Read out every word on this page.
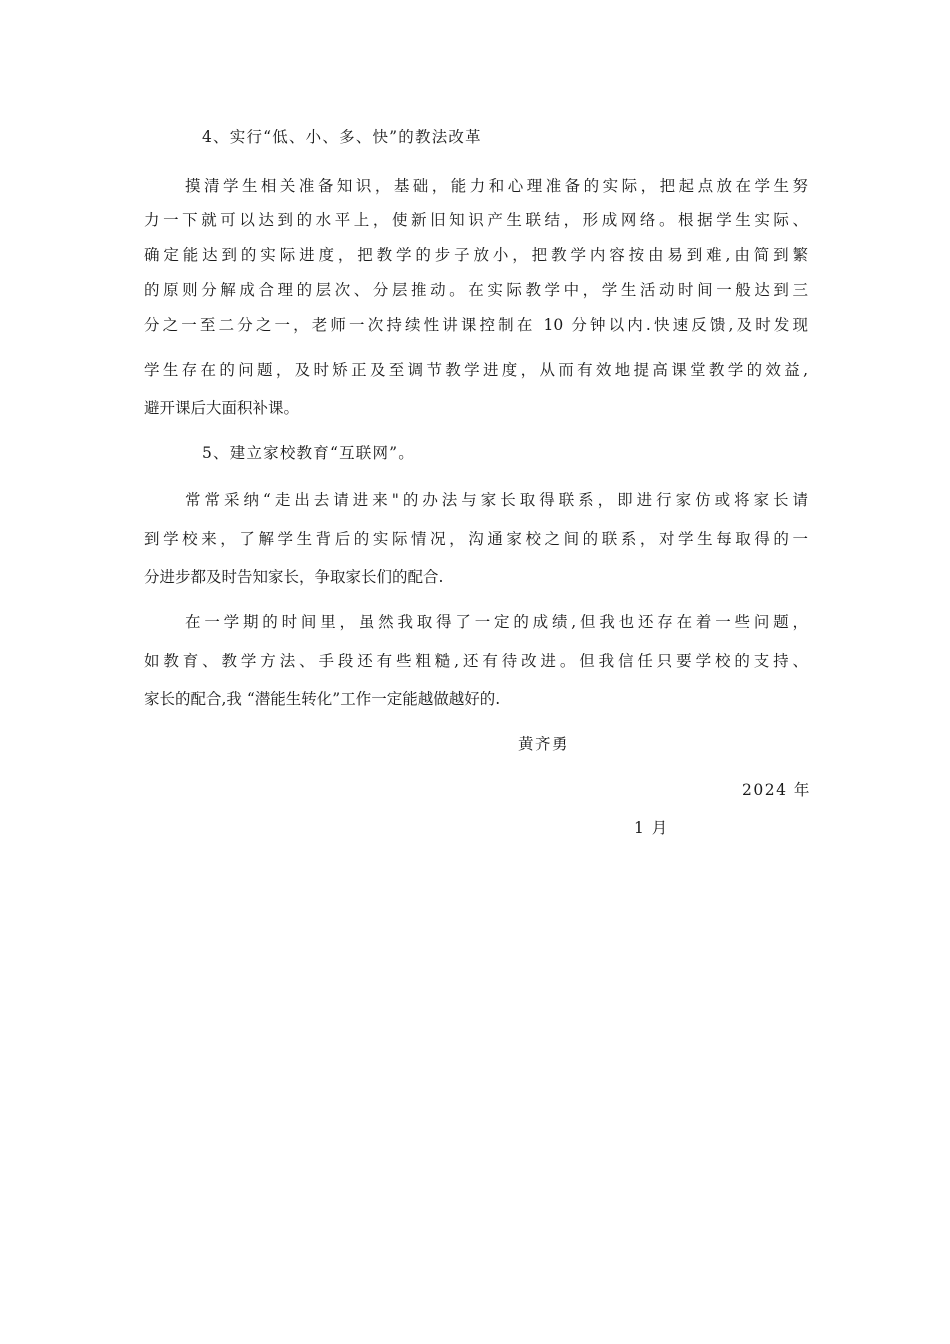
4、实行“低、小、多、快”的教法改革
摸清学生相关准备知识，基础，能力和心理准备的实际，把起点放在学生努
力一下就可以达到的水平上，使新旧知识产生联结，形成网络。根据学生实际、
确定能达到的实际进度，把教学的步子放小，把教学内容按由易到难,由简到繁
的原则分解成合理的层次、分层推动。在实际教学中，学生活动时间一般达到三
分之一至二分之一，老师一次持续性讲课控制在 10 分钟以内.快速反馈,及时发现
学生存在的问题，及时矫正及至调节教学进度，从而有效地提高课堂教学的效益,
避开课后大面积补课。
5、建立家校教育“互联网”。
常常采纳“走出去请进来"的办法与家长取得联系，即进行家仿或将家长请
到学校来，了解学生背后的实际情况，沟通家校之间的联系，对学生每取得的一
分进步都及时告知家长，争取家长们的配合.
在一学期的时间里，虽然我取得了一定的成绩,但我也还存在着一些问题，
如教育、教学方法、手段还有些粗糙,还有待改进。但我信任只要学校的支持、
家长的配合,我 “潜能生转化”工作一定能越做越好的.
黄齐勇
2024 年
1 月
